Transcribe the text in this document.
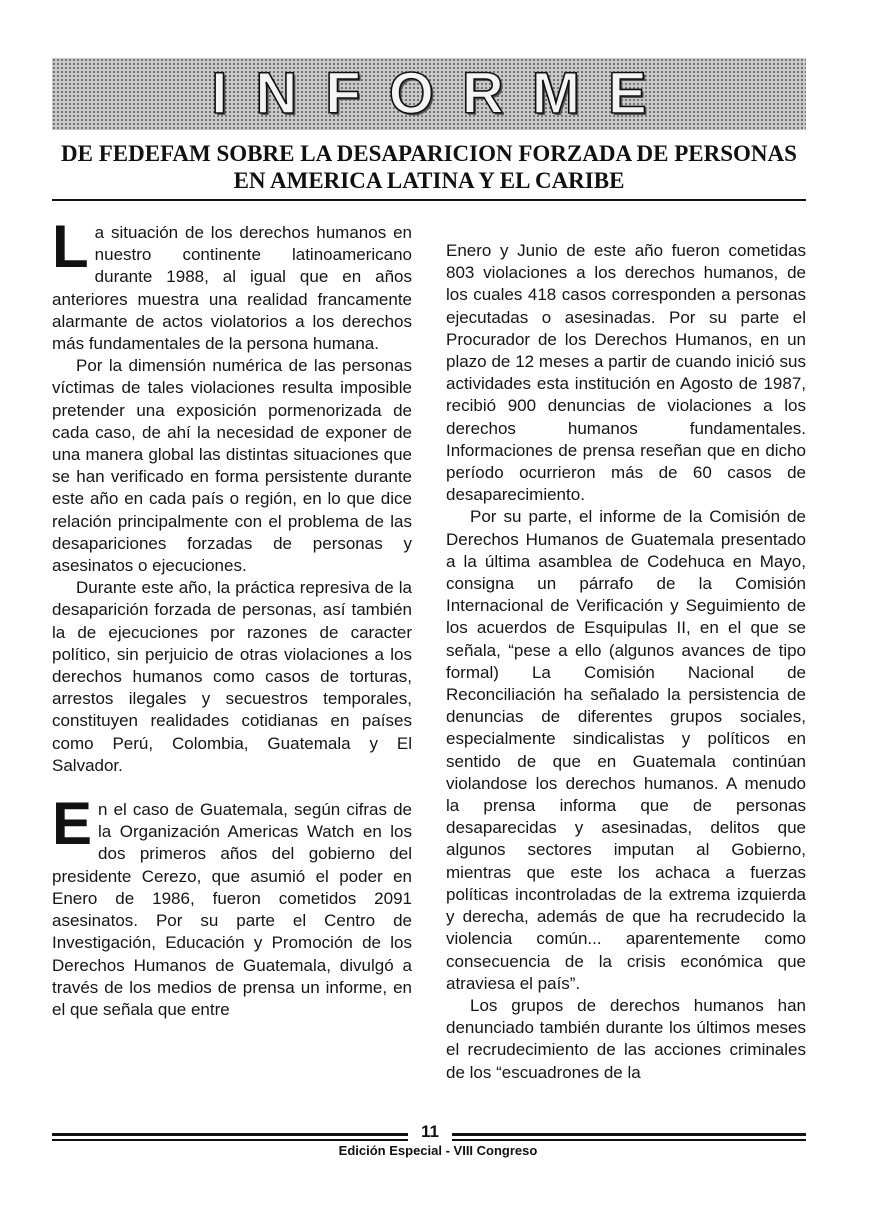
INFORME
DE FEDEFAM SOBRE LA DESAPARICION FORZADA DE PERSONAS
EN AMERICA LATINA Y EL CARIBE

La situación de los derechos humanos en nuestro continente latinoamericano durante 1988, al igual que en años anteriores muestra una realidad francamente alarmante de actos violatorios a los derechos más fundamentales de la persona humana.

Por la dimensión numérica de las personas víctimas de tales violaciones resulta imposible pretender una exposición pormenorizada de cada caso, de ahí la necesidad de exponer de una manera global las distintas situaciones que se han verificado en forma persistente durante este año en cada país o región, en lo que dice relación principalmente con el problema de las desapariciones forzadas de personas y asesinatos o ejecuciones.

Durante este año, la práctica represiva de la desaparición forzada de personas, así también la de ejecuciones por razones de caracter político, sin perjuicio de otras violaciones a los derechos humanos como casos de torturas, arrestos ilegales y secuestros temporales, constituyen realidades cotidianas en países como Perú, Colombia, Guatemala y El Salvador.

En el caso de Guatemala, según cifras de la Organización Americas Watch en los dos primeros años del gobierno del presidente Cerezo, que asumió el poder en Enero de 1986, fueron cometidos 2091 asesinatos. Por su parte el Centro de Investigación, Educación y Promoción de los Derechos Humanos de Guatemala, divulgó a través de los medios de prensa un informe, en el que señala que entre

Enero y Junio de este año fueron cometidas 803 violaciones a los derechos humanos, de los cuales 418 casos corresponden a personas ejecutadas o asesinadas. Por su parte el Procurador de los Derechos Humanos, en un plazo de 12 meses a partir de cuando inició sus actividades esta institución en Agosto de 1987, recibió 900 denuncias de violaciones a los derechos humanos fundamentales. Informaciones de prensa reseñan que en dicho período ocurrieron más de 60 casos de desaparecimiento.

Por su parte, el informe de la Comisión de Derechos Humanos de Guatemala presentado a la última asamblea de Codehuca en Mayo, consigna un párrafo de la Comisión Internacional de Verificación y Seguimiento de los acuerdos de Esquipulas II, en el que se señala, “pese a ello (algunos avances de tipo formal) La Comisión Nacional de Reconciliación ha señalado la persistencia de denuncias de diferentes grupos sociales, especialmente sindicalistas y políticos en sentido de que en Guatemala continúan violandose los derechos humanos. A menudo la prensa informa que de personas desaparecidas y asesinadas, delitos que algunos sectores imputan al Gobierno, mientras que este los achaca a fuerzas políticas incontroladas de la extrema izquierda y derecha, además de que ha recrudecido la violencia común... aparentemente como consecuencia de la crisis económica que atraviesa el país”.

Los grupos de derechos humanos han denunciado también durante los últimos meses el recrudecimiento de las acciones criminales de los “escuadrones de la

11
Edición Especial - VIII Congreso
